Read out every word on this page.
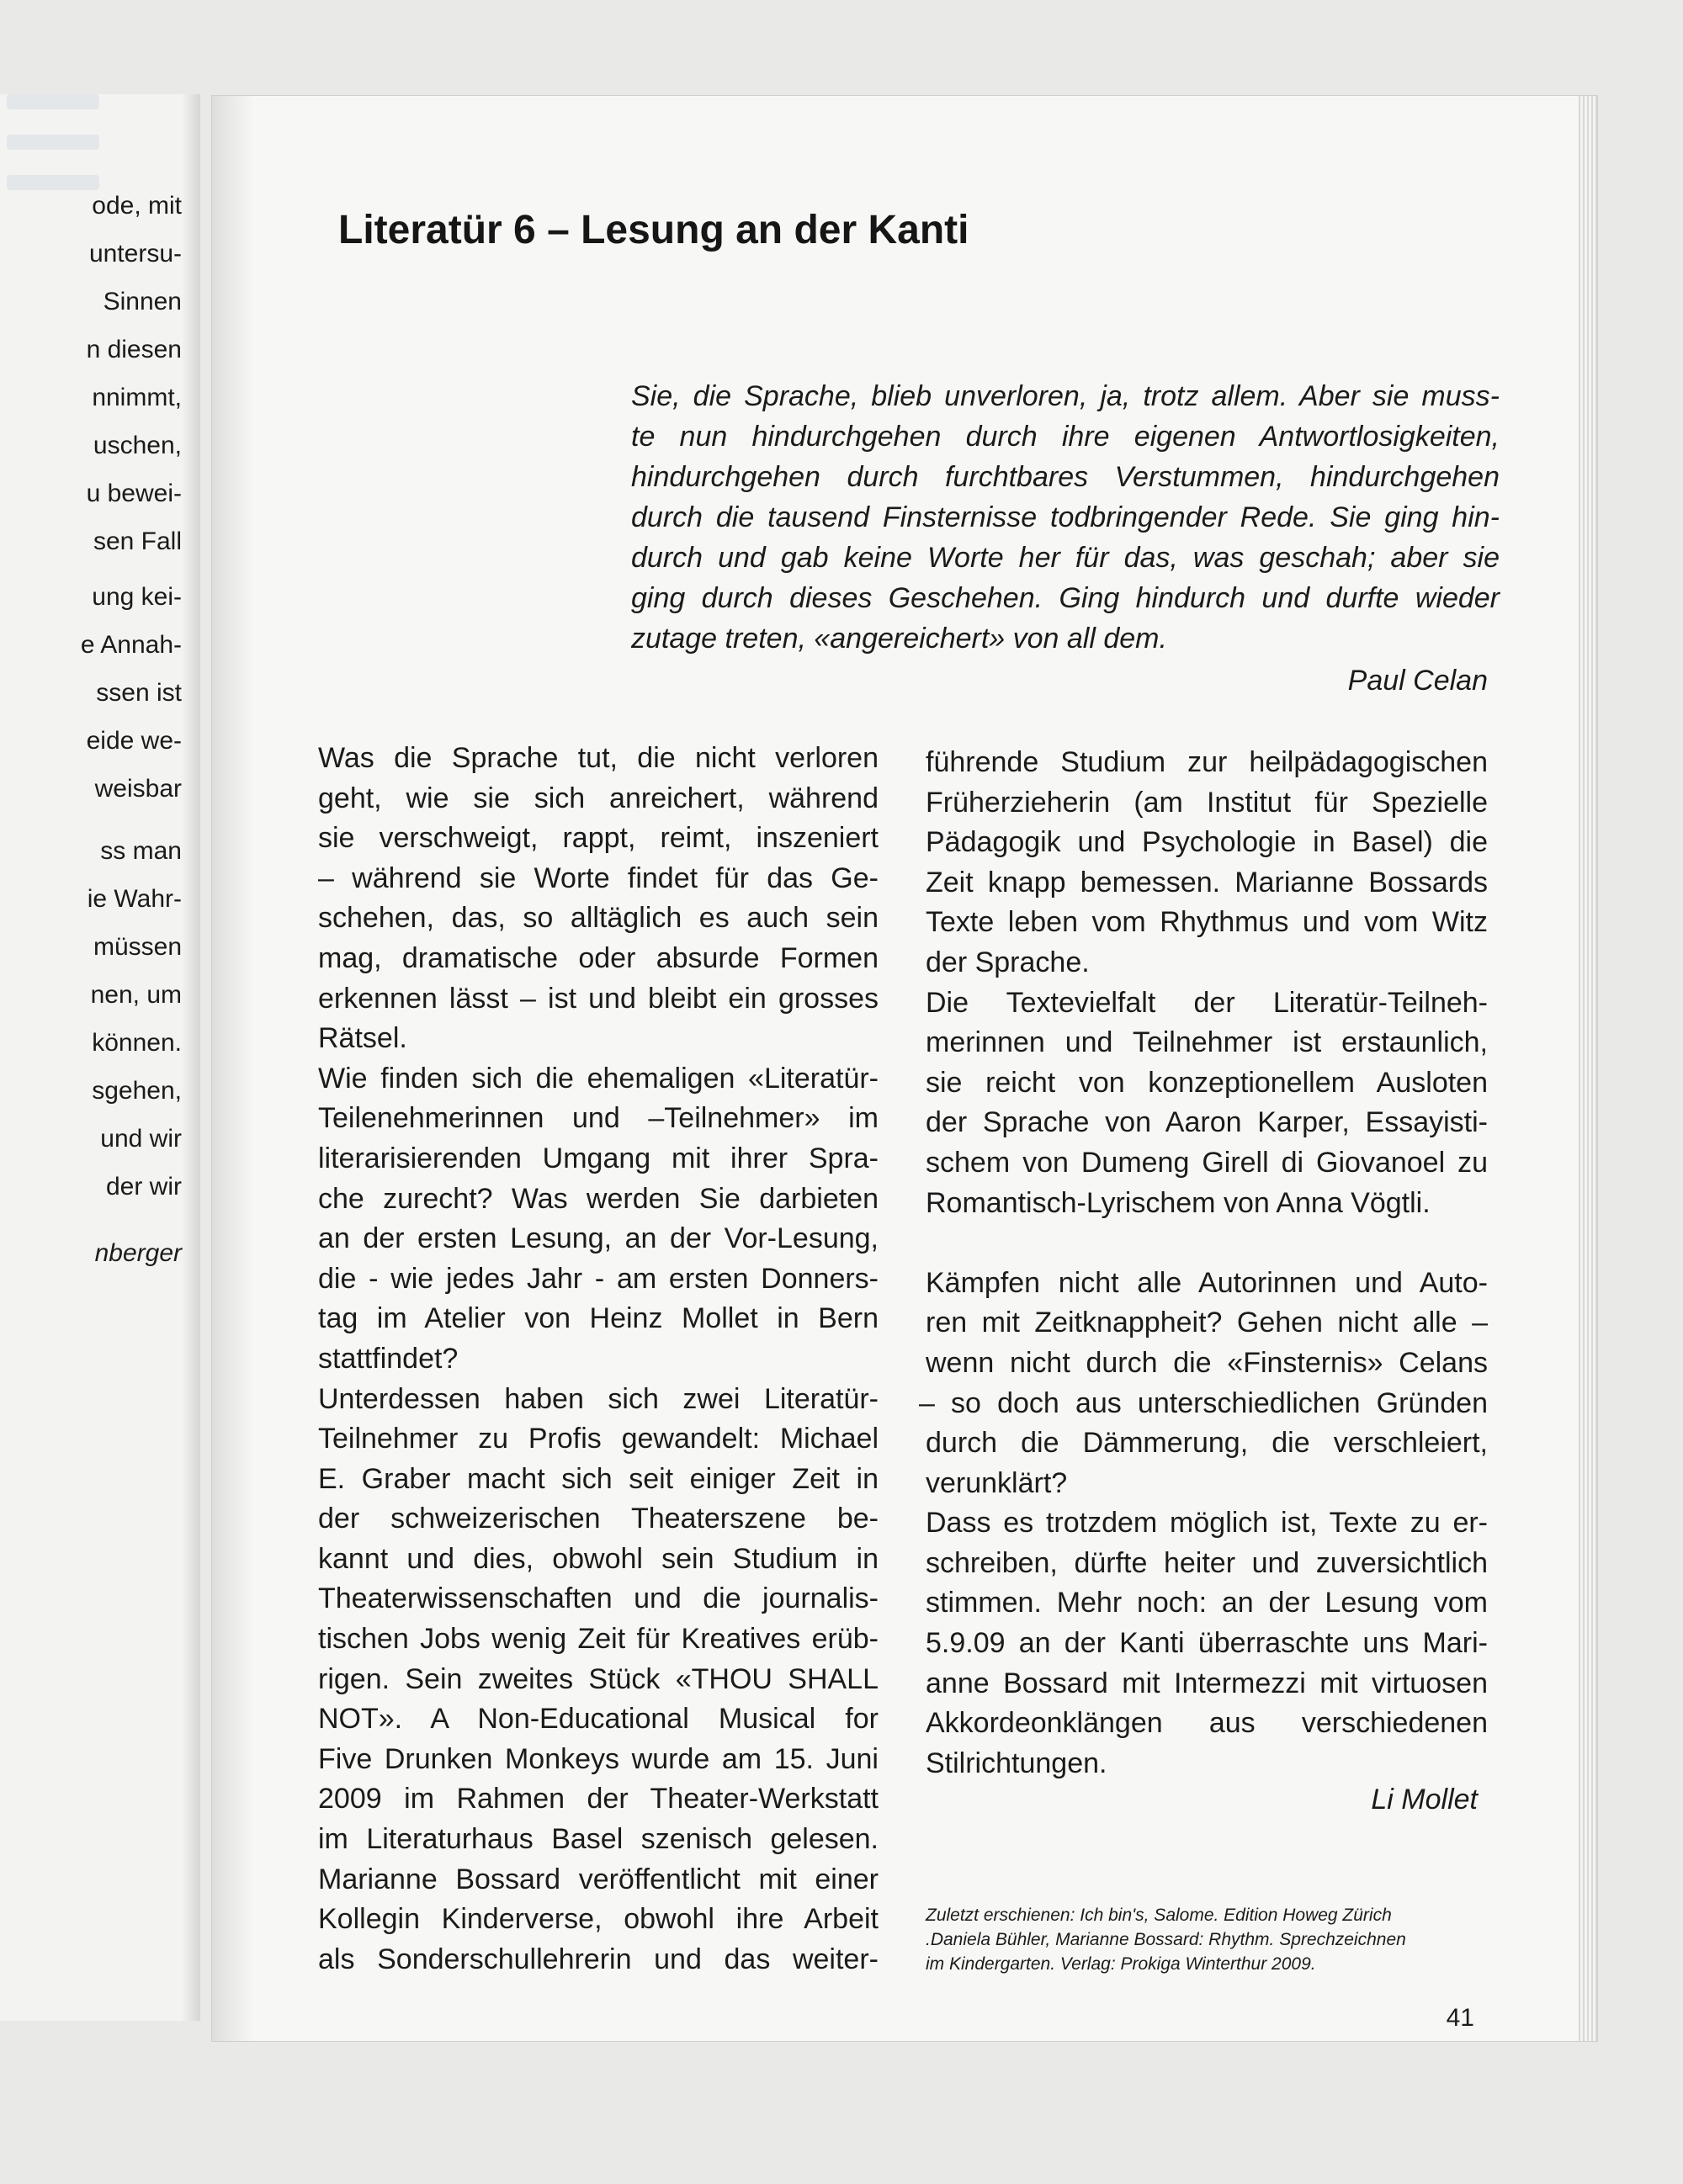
ode, mit
untersu-
Sinnen
n diesen
nnimmt,
uschen,
u bewei-
sen Fall
ung kei-
e Annah-
ssen ist
eide we-
weisbar
ss man
ie Wahr-
müssen
nen, um
können.
sgehen,
und wir
der wir
nberger
Literatür 6 – Lesung an der Kanti
Sie, die Sprache, blieb unverloren, ja, trotz allem. Aber sie muss-
te nun hindurchgehen durch ihre eigenen Antwortlosigkeiten,
hindurchgehen durch furchtbares Verstummen, hindurchgehen
durch die tausend Finsternisse todbringender Rede. Sie ging hin-
durch und gab keine Worte her für das, was geschah; aber sie
ging durch dieses Geschehen. Ging hindurch und durfte wieder
zutage treten, «angereichert» von all dem.
Paul Celan
Was die Sprache tut, die nicht verloren
geht, wie sie sich anreichert, während
sie verschweigt, rappt, reimt, inszeniert
– während sie Worte findet für das Ge-
schehen, das, so alltäglich es auch sein
mag, dramatische oder absurde Formen
erkennen lässt – ist und bleibt ein grosses
Rätsel.
Wie finden sich die ehemaligen «Literatür-
Teilenehmerinnen und –Teilnehmer» im
literarisierenden Umgang mit ihrer Spra-
che zurecht? Was werden Sie darbieten
an der ersten Lesung, an der Vor-Lesung,
die - wie jedes Jahr - am ersten Donners-
tag im Atelier von Heinz Mollet in Bern
stattfindet?
Unterdessen haben sich zwei Literatür-
Teilnehmer zu Profis gewandelt: Michael
E. Graber macht sich seit einiger Zeit in
der schweizerischen Theaterszene be-
kannt und dies, obwohl sein Studium in
Theaterwissenschaften und die journalis-
tischen Jobs wenig Zeit für Kreatives erüb-
rigen. Sein zweites Stück «THOU SHALL
NOT». A Non-Educational Musical for
Five Drunken Monkeys wurde am 15. Juni
2009 im Rahmen der Theater-Werkstatt
im Literaturhaus Basel szenisch gelesen.
Marianne Bossard veröffentlicht mit einer
Kollegin Kinderverse, obwohl ihre Arbeit
als Sonderschullehrerin und das weiter-
führende Studium zur heilpädagogischen
Früherzieherin (am Institut für Spezielle
Pädagogik und Psychologie in Basel) die
Zeit knapp bemessen. Marianne Bossards
Texte leben vom Rhythmus und vom Witz
der Sprache.
Die Textevielfalt der Literatür-Teilneh-
merinnen und Teilnehmer ist erstaunlich,
sie reicht von konzeptionellem Ausloten
der Sprache von Aaron Karper, Essayisti-
schem von Dumeng Girell di Giovanoel zu
Romantisch-Lyrischem von Anna Vögtli.
Kämpfen nicht alle Autorinnen und Auto-
ren mit Zeitknappheit? Gehen nicht alle –
wenn nicht durch die «Finsternis» Celans
– so doch aus unterschiedlichen Gründen
durch die Dämmerung, die verschleiert,
verunklärt?
Dass es trotzdem möglich ist, Texte zu er-
schreiben, dürfte heiter und zuversichtlich
stimmen. Mehr noch: an der Lesung vom
5.9.09 an der Kanti überraschte uns Mari-
anne Bossard mit Intermezzi mit virtuosen
Akkordeonklängen aus verschiedenen
Stilrichtungen.
Li Mollet
Zuletzt erschienen: Ich bin's, Salome. Edition Howeg Zürich
.Daniela Bühler, Marianne Bossard: Rhythm. Sprechzeichnen
im Kindergarten. Verlag: Prokiga Winterthur 2009.
41
